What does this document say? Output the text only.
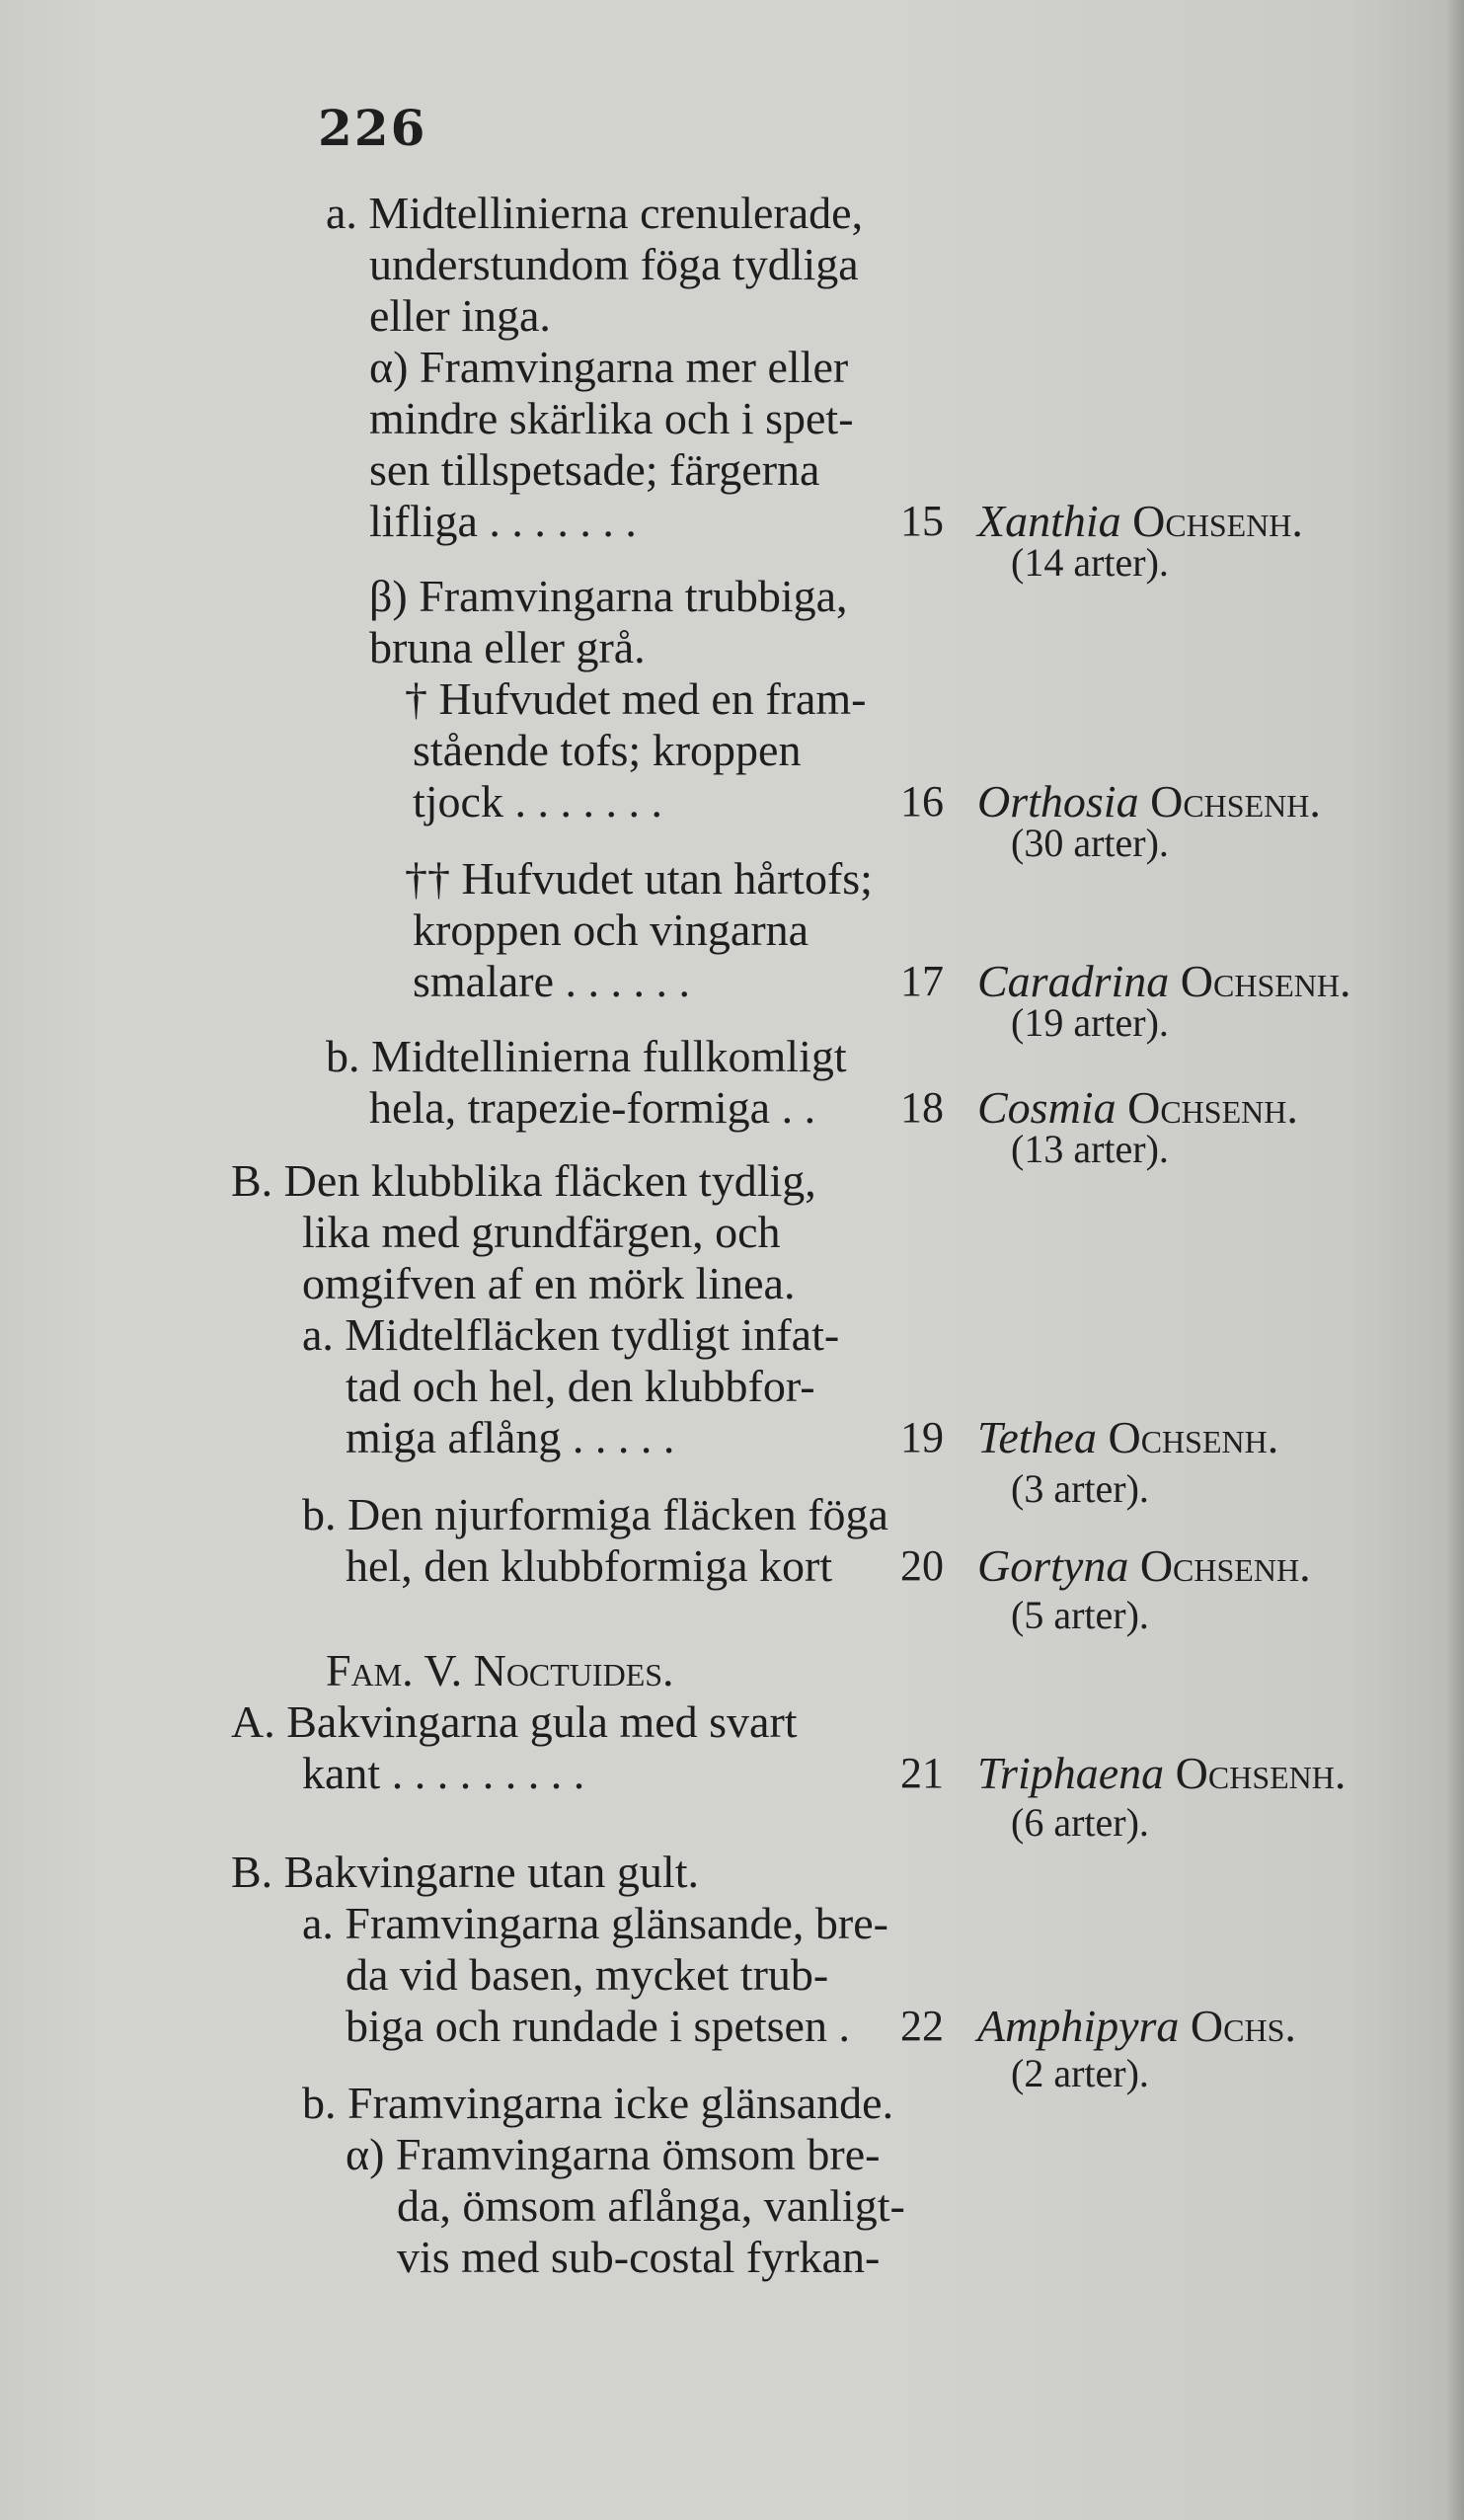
226
a. Midtellinierna crenulerade,
understundom föga tydliga
eller inga.
α) Framvingarna mer eller
mindre skärlika och i spet-
sen tillspetsade; färgerna
lifliga . . . . . . .
β) Framvingarna trubbiga,
bruna eller grå.
† Hufvudet med en fram-
stående tofs; kroppen
tjock . . . . . . .
†† Hufvudet utan hårtofs;
kroppen och vingarna
smalare . . . . . .
b. Midtellinierna fullkomligt
hela, trapezie-formiga . .
B. Den klubblika fläcken tydlig,
lika med grundfärgen, och
omgifven af en mörk linea.
a. Midtelfläcken tydligt infat-
tad och hel, den klubbfor-
miga aflång . . . . .
b. Den njurformiga fläcken föga
hel, den klubbformiga kort
Fam. V. Noctuides.
A. Bakvingarna gula med svart
kant . . . . . . . . .
B. Bakvingarne utan gult.
a. Framvingarna glänsande, bre-
da vid basen, mycket trub-
biga och rundade i spetsen .
b. Framvingarna icke glänsande.
α) Framvingarna ömsom bre-
da, ömsom aflånga, vanligt-
vis med sub-costal fyrkan-
15 Xanthia Ochsenh.
(14 arter).
16 Orthosia Ochsenh.
(30 arter).
17 Caradrina Ochsenh.
(19 arter).
18 Cosmia Ochsenh.
(13 arter).
19 Tethea Ochsenh.
(3 arter).
20 Gortyna Ochsenh.
(5 arter).
21 Triphaena Ochsenh.
(6 arter).
22 Amphipyra Ochs.
(2 arter).
